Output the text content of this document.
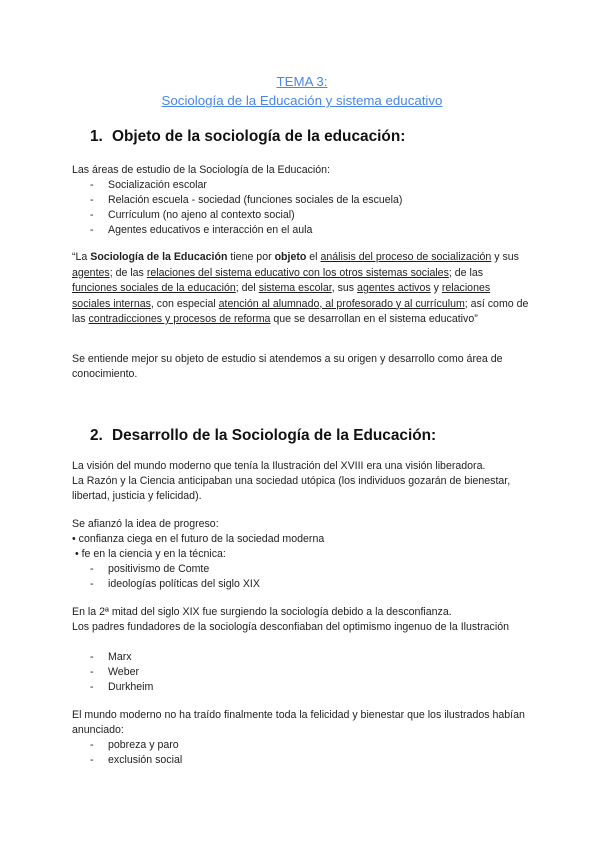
TEMA 3:
Sociología de la Educación y sistema educativo
1. Objeto de la sociología de la educación:
Las áreas de estudio de la Sociología de la Educación:
- Socialización escolar
- Relación escuela - sociedad (funciones sociales de la escuela)
- Currículum (no ajeno al contexto social)
- Agentes educativos e interacción en el aula
“La Sociología de la Educación tiene por objeto el análisis del proceso de socialización y sus agentes; de las relaciones del sistema educativo con los otros sistemas sociales; de las funciones sociales de la educación; del sistema escolar, sus agentes activos y relaciones sociales internas, con especial atención al alumnado, al profesorado y al currículum; así como de las contradicciones y procesos de reforma que se desarrollan en el sistema educativo”
Se entiende mejor su objeto de estudio si atendemos a su origen y desarrollo como área de conocimiento.
2. Desarrollo de la Sociología de la Educación:
La visión del mundo moderno que tenía la Ilustración del XVIII era una visión liberadora.
La Razón y la Ciencia anticipaban una sociedad utópica (los individuos gozarán de bienestar, libertad, justicia y felicidad).
Se afianzó la idea de progreso:
• confianza ciega en el futuro de la sociedad moderna
• fe en la ciencia y en la técnica:
- positivismo de Comte
- ideologías políticas del siglo XIX
En la 2ª mitad del siglo XIX fue surgiendo la sociología debido a la desconfianza.
Los padres fundadores de la sociología desconfiaban del optimismo ingenuo de la Ilustración
- Marx
- Weber
- Durkheim
El mundo moderno no ha traído finalmente toda la felicidad y bienestar que los ilustrados habían anunciado:
- pobreza y paro
- exclusión social
